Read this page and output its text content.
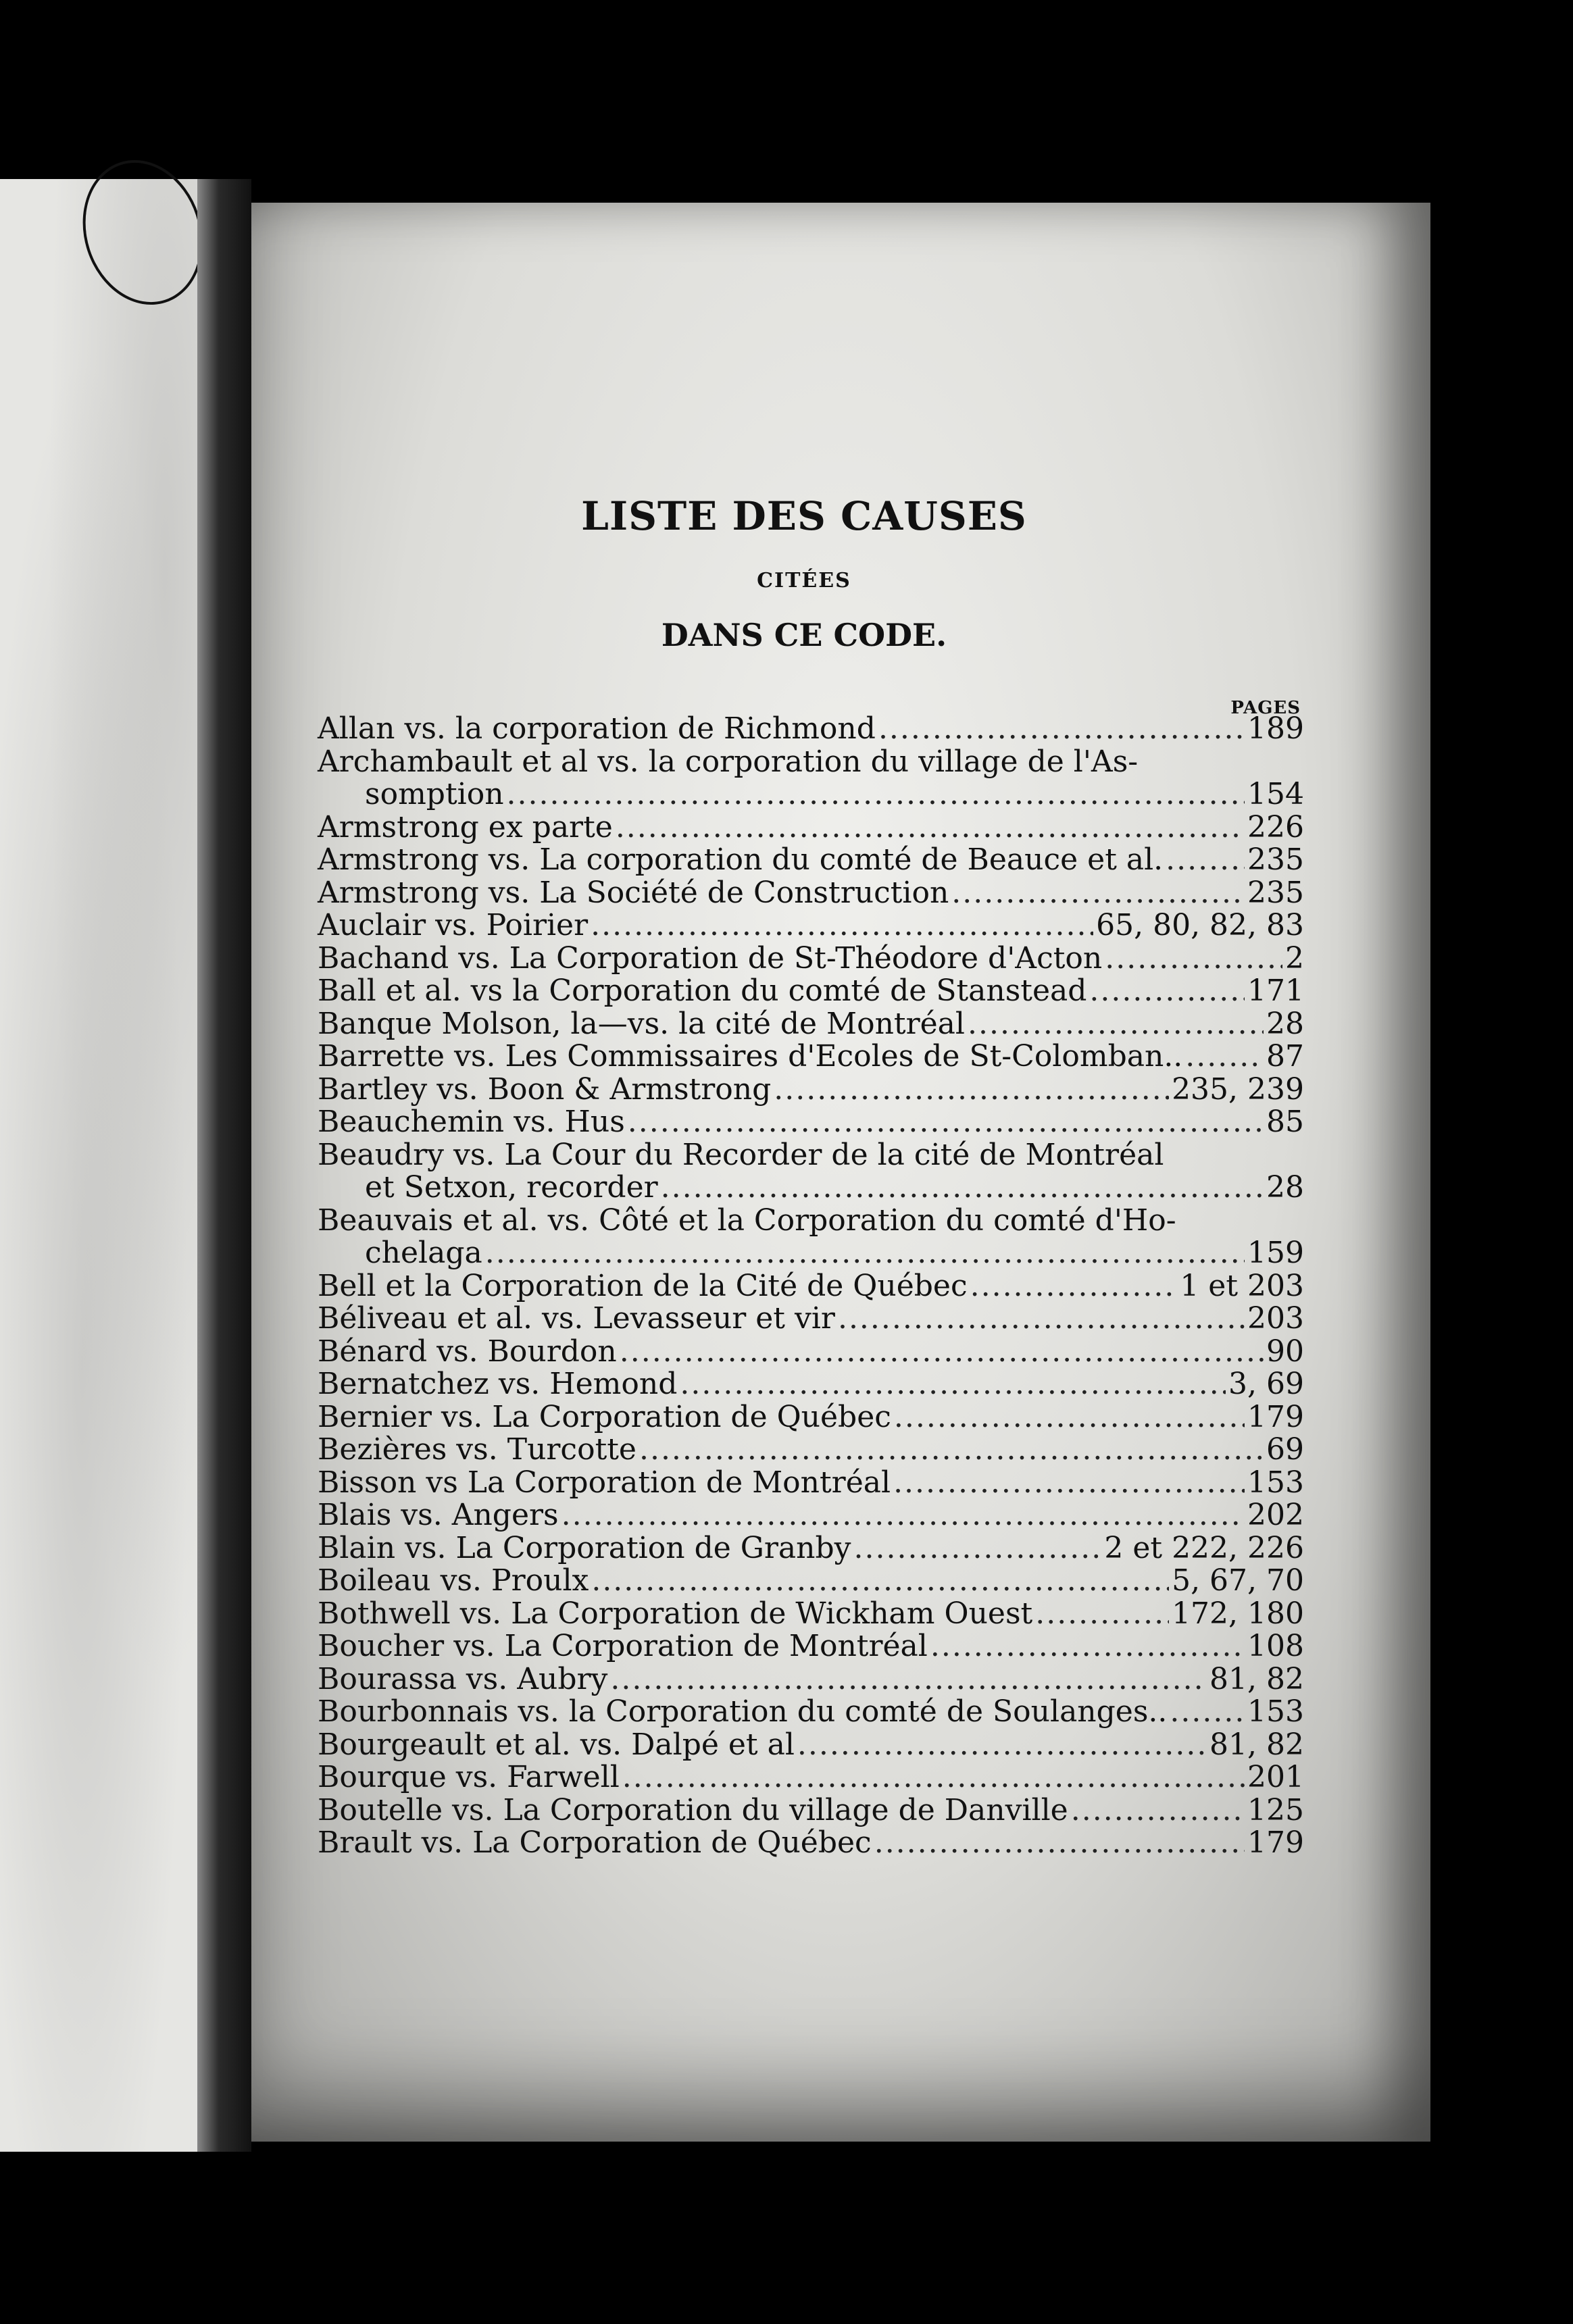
LISTE DES CAUSES
CITÉES
DANS CE CODE.
PAGES
Allan vs. la corporation de Richmond .....	189
Archambault et al vs. la corporation du village de l'As-
somption .....	154
Armstrong ex parte .....	226
Armstrong vs. La corporation du comté de Beauce et al. .....	235
Armstrong vs. La Société de Construction .....	235
Auclair vs. Poirier .....	65, 80, 82, 83
Bachand vs. La Corporation de St-Théodore d'Acton .....	2
Ball et al. vs la Corporation du comté de Stanstead .....	171
Banque Molson, la—vs. la cité de Montréal .....	28
Barrette vs. Les Commissaires d'Ecoles de St-Colomban.. .....	87
Bartley vs. Boon & Armstrong .....	235, 239
Beauchemin vs. Hus .....	85
Beaudry vs. La Cour du Recorder de la cité de Montréal
et Setxon, recorder .....	28
Beauvais et al. vs. Côté et la Corporation du comté d'Ho-
chelaga .....	159
Bell et la Corporation de la Cité de Québec .....	1 et 203
Béliveau et al. vs. Levasseur et vir .....	203
Bénard vs. Bourdon .....	90
Bernatchez vs. Hemond .....	3, 69
Bernier vs. La Corporation de Québec .....	179
Bezières vs. Turcotte .....	69
Bisson vs La Corporation de Montréal .....	153
Blais vs. Angers .....	202
Blain vs. La Corporation de Granby .....	2 et 222, 226
Boileau vs. Proulx .....	5, 67, 70
Bothwell vs. La Corporation de Wickham Ouest .....	172, 180
Boucher vs. La Corporation de Montréal .....	108
Bourassa vs. Aubry .....	81, 82
Bourbonnais vs. la Corporation du comté de Soulanges.. .....	153
Bourgeault et al. vs. Dalpé et al .....	81, 82
Bourque vs. Farwell .....	201
Boutelle vs. La Corporation du village de Danville .....	125
Brault vs. La Corporation de Québec .....	179
